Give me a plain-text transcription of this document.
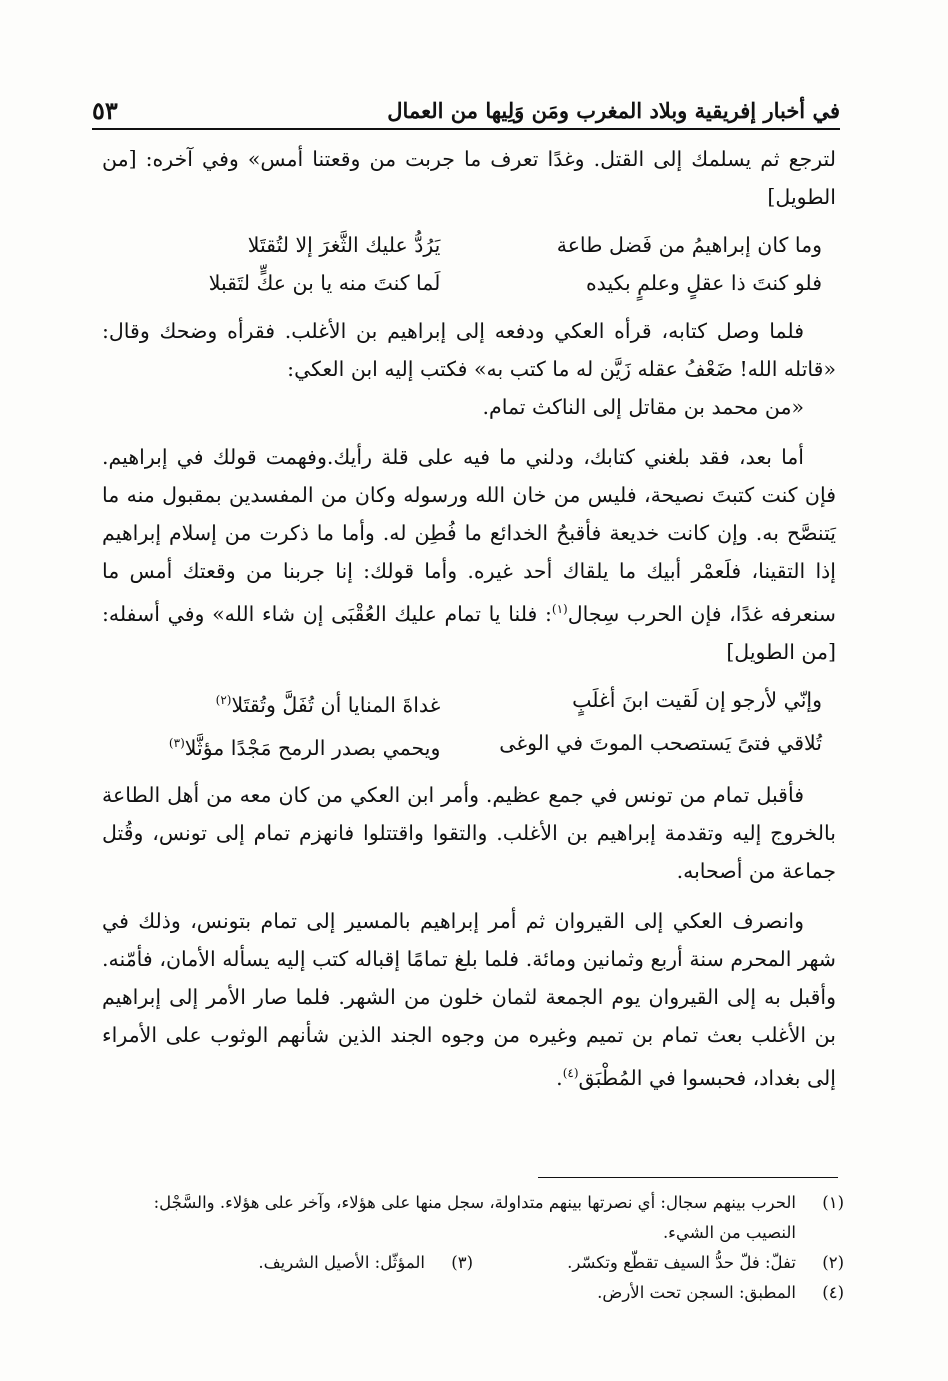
في أخبار إفريقية وبلاد المغرب ومَن وَلِيها من العمال
٥٣

لترجع ثم يسلمك إلى القتل. وغدًا تعرف ما جربت من وقعتنا أمس» وفي آخره: [من الطويل]

وما كان إبراهيمُ من فَضل طاعة
يَرُدُّ عليك الثَّغرَ إلا لتُقتَلا
فلو كنتَ ذا عقلٍ وعلمٍ بكيده
لَما كنتَ منه يا بن عكٍّ لتَقبلا

فلما وصل كتابه، قرأه العكي ودفعه إلى إبراهيم بن الأغلب. فقرأه وضحك وقال: «قاتله الله! ضَعْفُ عقله زَيَّن له ما كتب به» فكتب إليه ابن العكي:

«من محمد بن مقاتل إلى الناكث تمام.

أما بعد، فقد بلغني كتابك، ودلني ما فيه على قلة رأيك.وفهمت قولك في إبراهيم. فإن كنت كتبتَ نصيحة، فليس من خان الله ورسوله وكان من المفسدين بمقبول منه ما يَتنصَّح به. وإن كانت خديعة فأقبحُ الخدائع ما فُطِن له. وأما ما ذكرت من إسلام إبراهيم إذا التقينا، فلَعمْر أبيك ما يلقاك أحد غيره. وأما قولك: إنا جربنا من وقعتك أمس ما سنعرفه غدًا، فإن الحرب سِجال$^{(١)}$: فلنا يا تمام عليك العُقْبَى إن شاء الله» وفي أسفله: [من الطويل]

وإنّي لأرجو إن لَقيت ابنَ أغلَبٍ
غداةَ المنايا أن تُفَلَّ وتُقتَلا$^{(٢)}$
تُلاقي فتىً يَستصحب الموتَ في الوغى
ويحمي بصدر الرمح مَجْدًا مؤثَّلا$^{(٣)}$

فأقبل تمام من تونس في جمع عظيم. وأمر ابن العكي من كان معه من أهل الطاعة بالخروج إليه وتقدمة إبراهيم بن الأغلب. والتقوا واقتتلوا فانهزم تمام إلى تونس، وقُتل جماعة من أصحابه.

وانصرف العكي إلى القيروان ثم أمر إبراهيم بالمسير إلى تمام بتونس، وذلك في شهر المحرم سنة أربع وثمانين ومائة. فلما بلغ تمامًا إقباله كتب إليه يسأله الأمان، فأمّنه. وأقبل به إلى القيروان يوم الجمعة لثمان خلون من الشهر. فلما صار الأمر إلى إبراهيم بن الأغلب بعث تمام بن تميم وغيره من وجوه الجند الذين شأنهم الوثوب على الأمراء إلى بغداد، فحبسوا في المُطْبَق$^{(٤)}$.

(١)
الحرب بينهم سجال: أي نصرتها بينهم متداولة، سجل منها على هؤلاء، وآخر على هؤلاء. والسَّجْل: النصيب من الشيء.
(٢)
تفلّ: فلّ حدُّ السيف تقطّع وتكسّر.
(٣)
المؤثّل: الأصيل الشريف.
(٤)
المطبق: السجن تحت الأرض.
